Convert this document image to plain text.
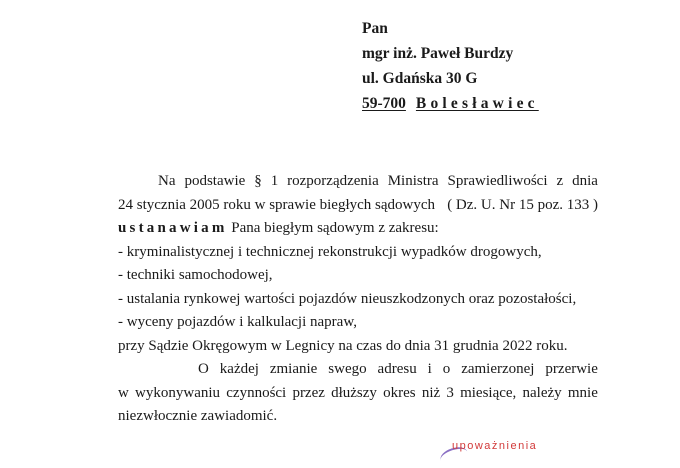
Pan
mgr inż. Paweł Burdzy
ul. Gdańska 30 G
59-700 Bolesławiec
Na podstawie § 1 rozporządzenia Ministra Sprawiedliwości z dnia
24 stycznia 2005 roku w sprawie biegłych sądowych ( Dz. U. Nr 15 poz. 133 )
ustanawiam Pana biegłym sądowym z zakresu:
- kryminalistycznej i technicznej rekonstrukcji wypadków drogowych,
- techniki samochodowej,
- ustalania rynkowej wartości pojazdów nieuszkodzonych oraz pozostałości,
- wyceny pojazdów i kalkulacji napraw,
przy Sądzie Okręgowym w Legnicy na czas do dnia 31 grudnia 2022 roku.
O każdej zmianie swego adresu i o zamierzonej przerwie
w wykonywaniu czynności przez dłuższy okres niż 3 miesiące, należy mnie
niezwłocznie zawiadomić.
upoważnienia
